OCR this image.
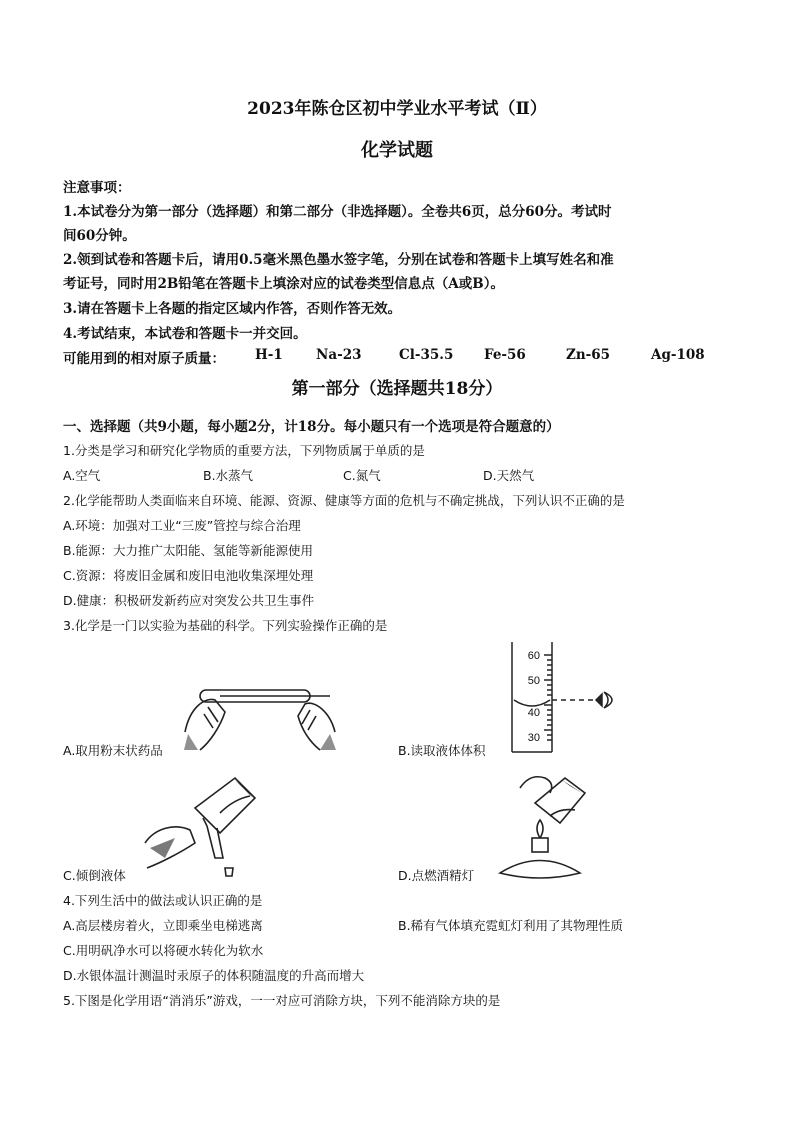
2023年陈仓区初中学业水平考试（Ⅱ）
化学试题
注意事项：
1.本试卷分为第一部分（选择题）和第二部分（非选择题）。全卷共6页，总分60分。考试时
间60分钟。
2.领到试卷和答题卡后，请用0.5毫米黑色墨水签字笔，分别在试卷和答题卡上填写姓名和准
考证号，同时用2B铅笔在答题卡上填涂对应的试卷类型信息点（A或B）。
3.请在答题卡上各题的指定区域内作答，否则作答无效。
4.考试结束，本试卷和答题卡一并交回。
可能用到的相对原子质量： H-1 Na-23	Cl-35.5 Fe-56	Zn-65	Ag-108
第一部分（选择题共18分）
一、选择题（共9小题，每小题2分，计18分。每小题只有一个选项是符合题意的）
1.分类是学习和研究化学物质的重要方法，下列物质属于单质的是
A.空气	B.水蒸气	C.氮气	D.天然气
2.化学能帮助人类面临来自环境、能源、资源、健康等方面的危机与不确定挑战，下列认识不正确的是
A.环境：加强对工业“三废”管控与综合治理
B.能源：大力推广太阳能、氢能等新能源使用
C.资源：将废旧金属和废旧电池收集深埋处理
D.健康：积极研发新药应对突发公共卫生事件
3.化学是一门以实验为基础的科学。下列实验操作正确的是
A.取用粉末状药品
60
50
40
30
B.读取液体体积
C.倾倒液体	D.点燃酒精灯
4.下列生活中的做法或认识正确的是
A.高层楼房着火，立即乘坐电梯逃离	B.稀有气体填充霓虹灯利用了其物理性质
C.用明矾净水可以将硬水转化为软水
D.水银体温计测温时汞原子的体积随温度的升高而增大
5.下图是化学用语“消消乐”游戏，一一对应可消除方块，下列不能消除方块的是
